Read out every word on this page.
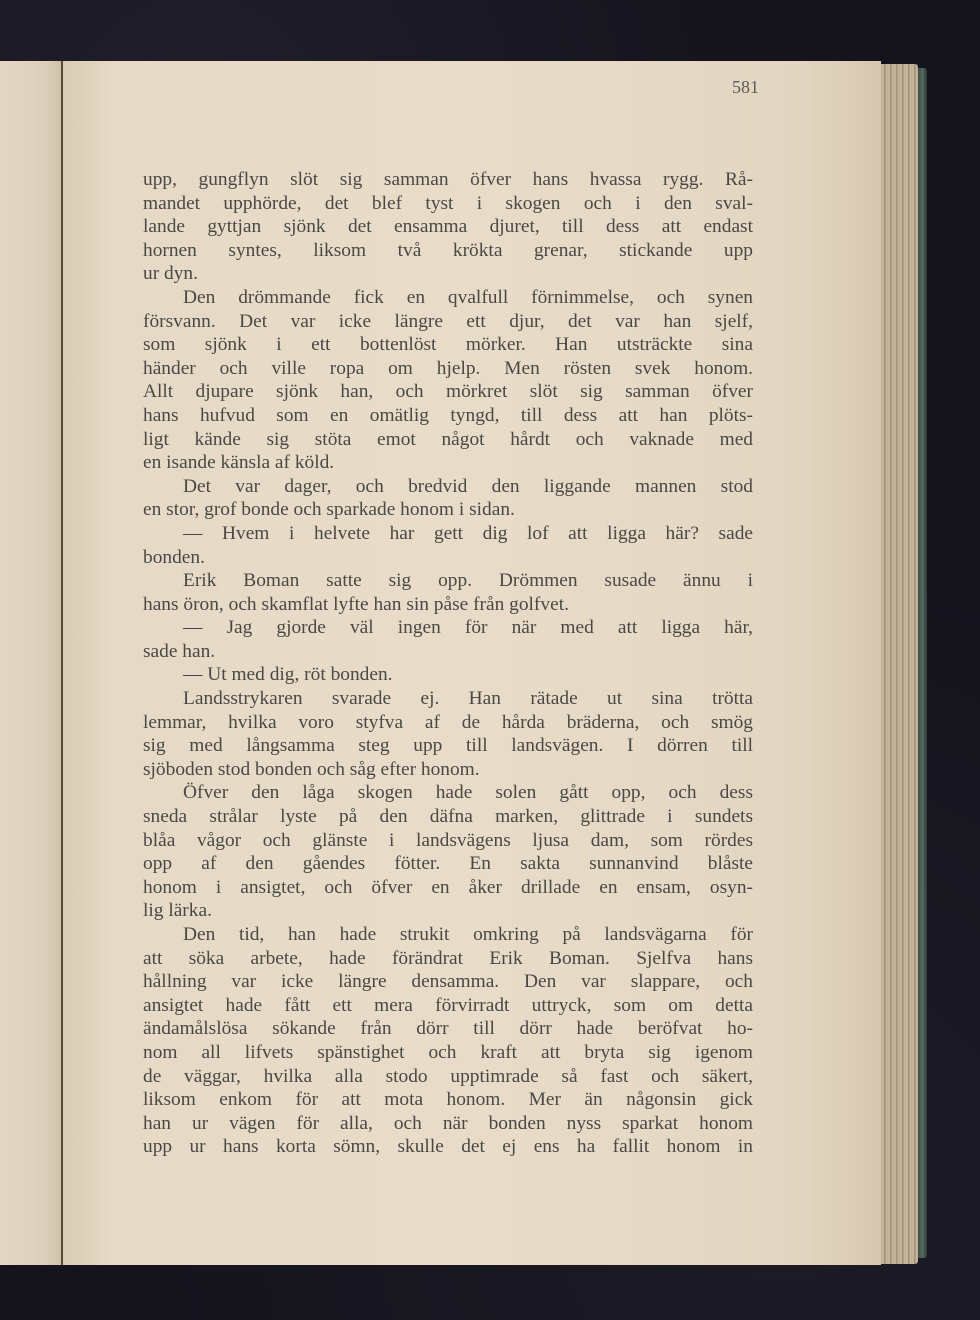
581
upp, gungflyn slöt sig samman öfver hans hvassa rygg. Rå-
mandet upphörde, det blef tyst i skogen och i den sval-
lande gyttjan sjönk det ensamma djuret, till dess att endast
hornen syntes, liksom två krökta grenar, stickande upp
ur dyn.
Den drömmande fick en qvalfull förnimmelse, och synen
försvann. Det var icke längre ett djur, det var han sjelf,
som sjönk i ett bottenlöst mörker. Han utsträckte sina
händer och ville ropa om hjelp. Men rösten svek honom.
Allt djupare sjönk han, och mörkret slöt sig samman öfver
hans hufvud som en omätlig tyngd, till dess att han plöts-
ligt kände sig stöta emot något hårdt och vaknade med
en isande känsla af köld.
Det var dager, och bredvid den liggande mannen stod
en stor, grof bonde och sparkade honom i sidan.
— Hvem i helvete har gett dig lof att ligga här? sade
bonden.
Erik Boman satte sig opp. Drömmen susade ännu i
hans öron, och skamflat lyfte han sin påse från golfvet.
— Jag gjorde väl ingen för när med att ligga här,
sade han.
— Ut med dig, röt bonden.
Landsstrykaren svarade ej. Han rätade ut sina trötta
lemmar, hvilka voro styfva af de hårda bräderna, och smög
sig med långsamma steg upp till landsvägen. I dörren till
sjöboden stod bonden och såg efter honom.
Öfver den låga skogen hade solen gått opp, och dess
sneda strålar lyste på den däfna marken, glittrade i sundets
blåa vågor och glänste i landsvägens ljusa dam, som rördes
opp af den gåendes fötter. En sakta sunnanvind blåste
honom i ansigtet, och öfver en åker drillade en ensam, osyn-
lig lärka.
Den tid, han hade strukit omkring på landsvägarna för
att söka arbete, hade förändrat Erik Boman. Sjelfva hans
hållning var icke längre densamma. Den var slappare, och
ansigtet hade fått ett mera förvirradt uttryck, som om detta
ändamålslösa sökande från dörr till dörr hade beröfvat ho-
nom all lifvets spänstighet och kraft att bryta sig igenom
de väggar, hvilka alla stodo upptimrade så fast och säkert,
liksom enkom för att mota honom. Mer än någonsin gick
han ur vägen för alla, och när bonden nyss sparkat honom
upp ur hans korta sömn, skulle det ej ens ha fallit honom in
